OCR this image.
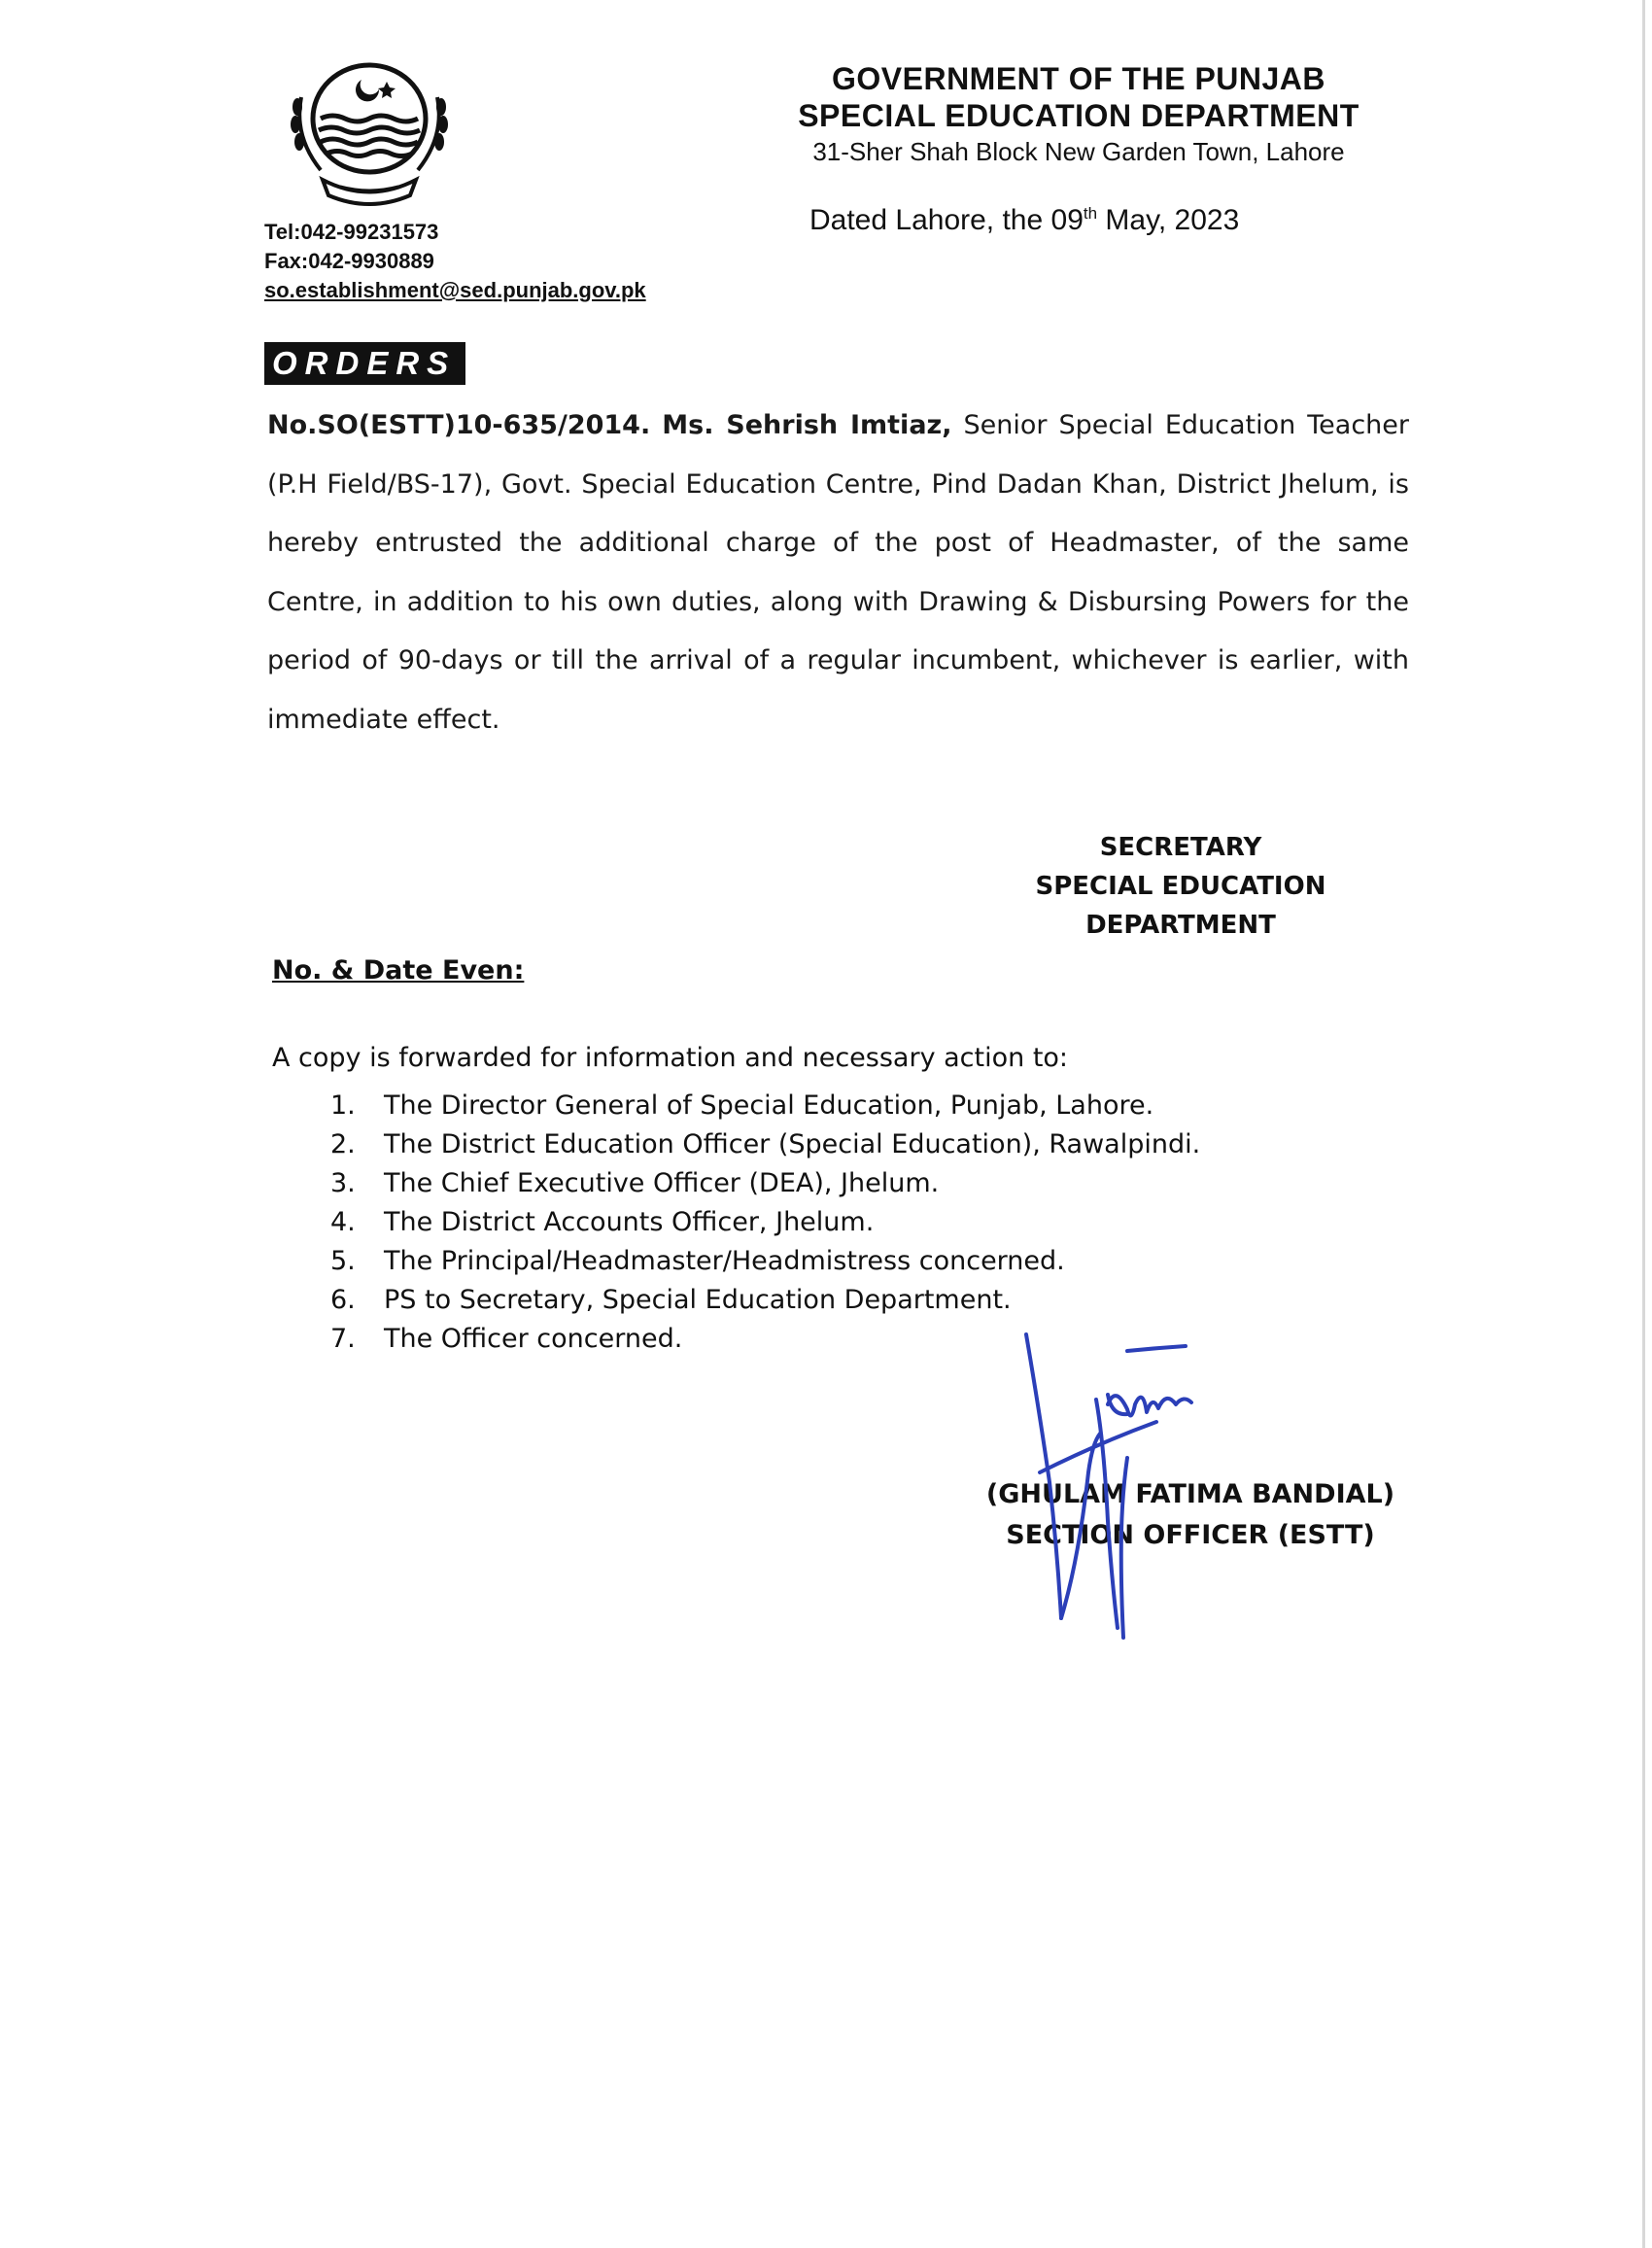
GOVERNMENT OF THE PUNJAB
SPECIAL EDUCATION DEPARTMENT
31-Sher Shah Block New Garden Town, Lahore
Tel:042-99231573
Fax:042-9930889
so.establishment@sed.punjab.gov.pk
Dated Lahore, the 09th May, 2023
ORDERS
No.SO(ESTT)10-635/2014. Ms. Sehrish Imtiaz, Senior Special Education Teacher (P.H Field/BS-17), Govt. Special Education Centre, Pind Dadan Khan, District Jhelum, is hereby entrusted the additional charge of the post of Headmaster, of the same Centre, in addition to his own duties, along with Drawing & Disbursing Powers for the period of 90-days or till the arrival of a regular incumbent, whichever is earlier, with immediate effect.
SECRETARY
SPECIAL EDUCATION
DEPARTMENT
No. & Date Even:
A copy is forwarded for information and necessary action to:
1.	The Director General of Special Education, Punjab, Lahore.
2.	The District Education Officer (Special Education), Rawalpindi.
3.	The Chief Executive Officer (DEA), Jhelum.
4.	The District Accounts Officer, Jhelum.
5.	The Principal/Headmaster/Headmistress concerned.
6.	PS to Secretary, Special Education Department.
7.	The Officer concerned.
(GHULAM FATIMA BANDIAL)
SECTION OFFICER (ESTT)
